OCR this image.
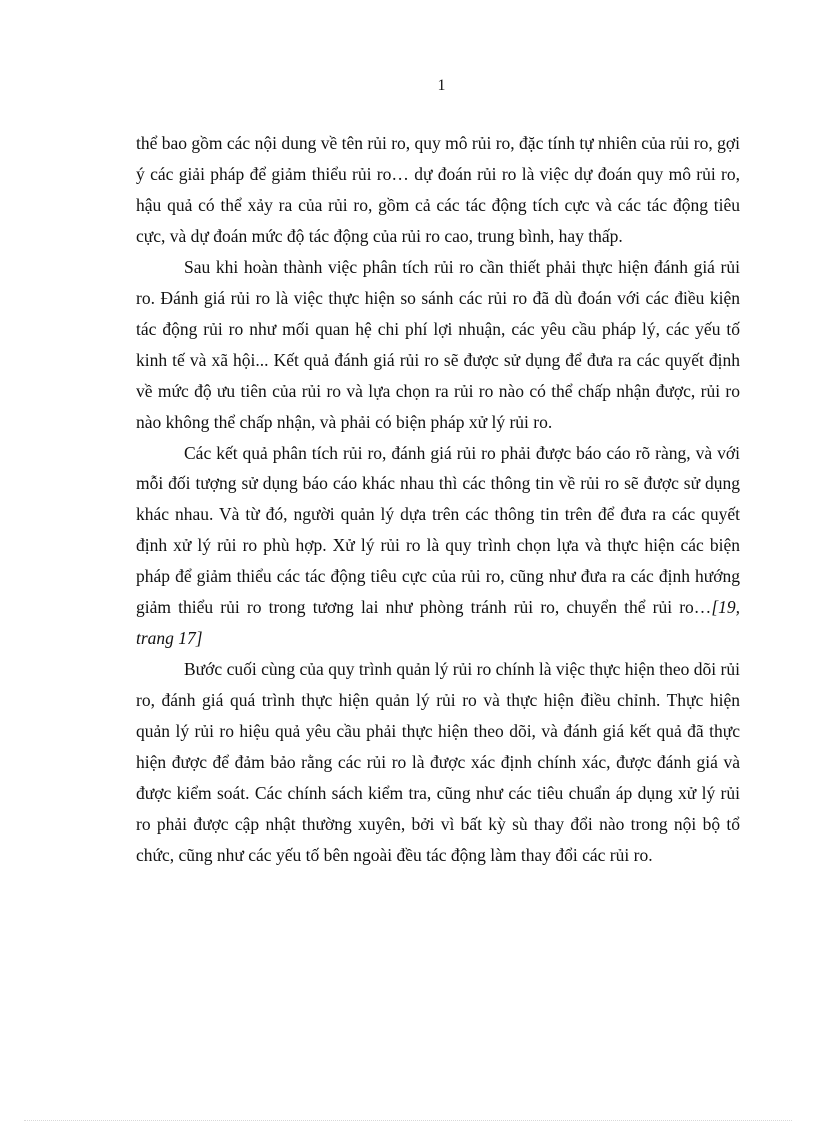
1

thể bao gồm các nội dung về tên rủi ro, quy mô rủi ro, đặc tính tự nhiên của rủi ro, gợi ý các giải pháp để giảm thiểu rủi ro… dự đoán rủi ro là việc dự đoán quy mô rủi ro, hậu quả có thể xảy ra của rủi ro, gồm cả các tác động tích cực và các tác động tiêu cực, và dự đoán mức độ tác động của rủi ro cao, trung bình, hay thấp.

Sau khi hoàn thành việc phân tích rủi ro cần thiết phải thực hiện đánh giá rủi ro. Đánh giá rủi ro là việc thực hiện so sánh các rủi ro đã dù đoán với các điều kiện tác động rủi ro như mối quan hệ chi phí lợi nhuận, các yêu cầu pháp lý, các yếu tố kinh tế và xã hội... Kết quả đánh giá rủi ro sẽ được sử dụng để đưa ra các quyết định về mức độ ưu tiên của rủi ro và lựa chọn ra rủi ro nào có thể chấp nhận được, rủi ro nào không thể chấp nhận, và phải có biện pháp xử lý rủi ro.

Các kết quả phân tích rủi ro, đánh giá rủi ro phải được báo cáo rõ ràng, và với mỗi đối tượng sử dụng báo cáo khác nhau thì các thông tin về rủi ro sẽ được sử dụng khác nhau. Và từ đó, người quản lý dựa trên các thông tin trên để đưa ra các quyết định xử lý rủi ro phù hợp. Xử lý rủi ro là quy trình chọn lựa và thực hiện các biện pháp để giảm thiểu các tác động tiêu cực của rủi ro, cũng như đưa ra các định hướng giảm thiểu rủi ro trong tương lai như phòng tránh rủi ro, chuyển thể rủi ro…[19, trang 17]

Bước cuối cùng của quy trình quản lý rủi ro chính là việc thực hiện theo dõi rủi ro, đánh giá quá trình thực hiện quản lý rủi ro và thực hiện điều chỉnh. Thực hiện quản lý rủi ro hiệu quả yêu cầu phải thực hiện theo dõi, và đánh giá kết quả đã thực hiện được để đảm bảo rằng các rủi ro là được xác định chính xác, được đánh giá và được kiểm soát. Các chính sách kiểm tra, cũng như các tiêu chuẩn áp dụng xử lý rủi ro phải được cập nhật thường xuyên, bởi vì bất kỳ sù thay đổi nào trong nội bộ tổ chức, cũng như các yếu tố bên ngoài đều tác động làm thay đổi các rủi ro.
